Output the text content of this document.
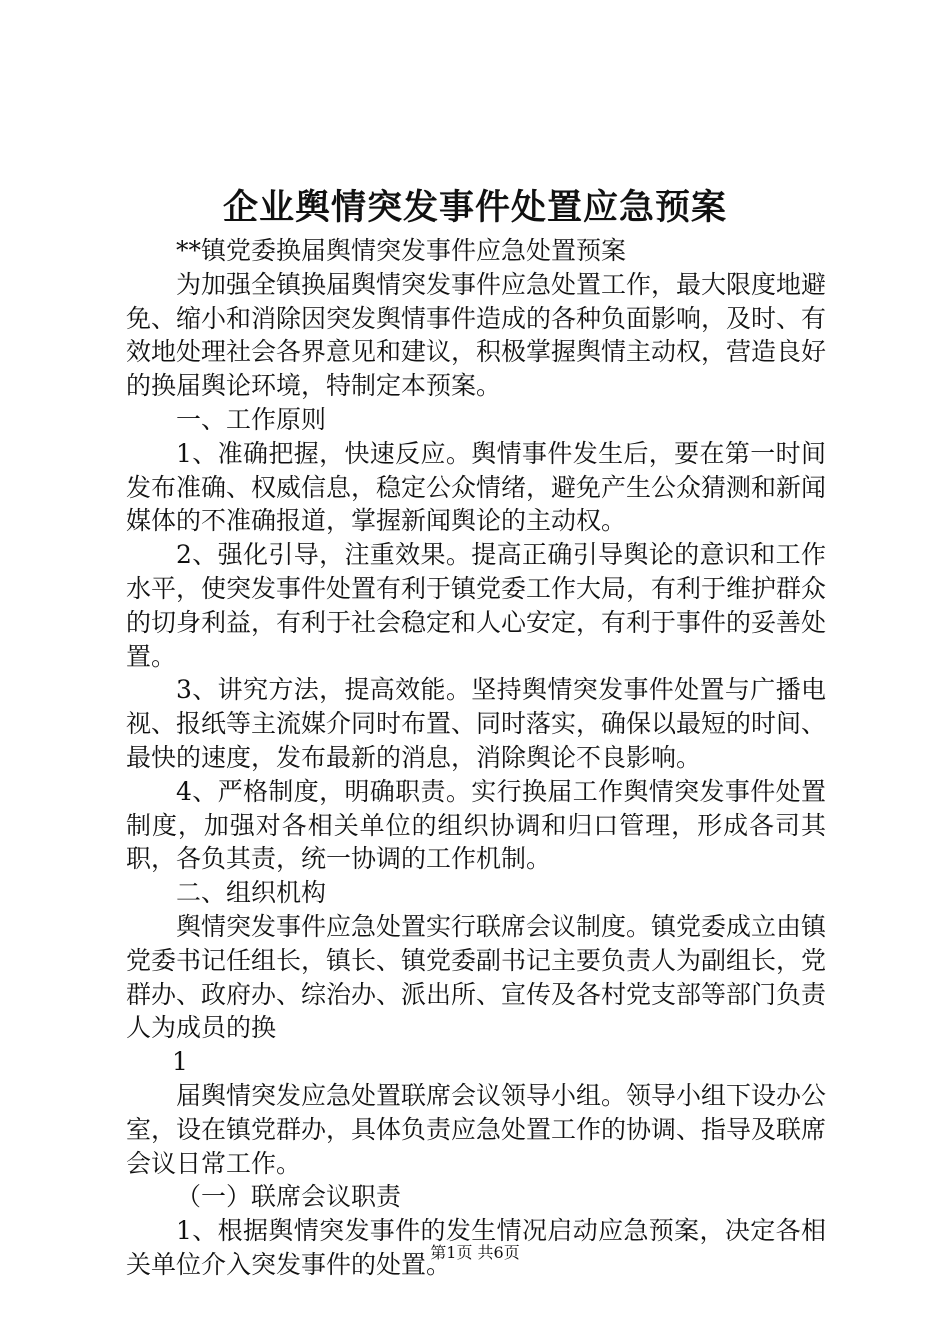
企业舆情突发事件处置应急预案

**镇党委换届舆情突发事件应急处置预案

为加强全镇换届舆情突发事件应急处置工作，最大限度地避免、缩小和消除因突发舆情事件造成的各种负面影响，及时、有效地处理社会各界意见和建议，积极掌握舆情主动权，营造良好的换届舆论环境，特制定本预案。

一、工作原则

1、准确把握，快速反应。舆情事件发生后，要在第一时间发布准确、权威信息，稳定公众情绪，避免产生公众猜测和新闻媒体的不准确报道，掌握新闻舆论的主动权。

2、强化引导，注重效果。提高正确引导舆论的意识和工作水平，使突发事件处置有利于镇党委工作大局，有利于维护群众的切身利益，有利于社会稳定和人心安定，有利于事件的妥善处置。

3、讲究方法，提高效能。坚持舆情突发事件处置与广播电视、报纸等主流媒介同时布置、同时落实，确保以最短的时间、最快的速度，发布最新的消息，消除舆论不良影响。

4、严格制度，明确职责。实行换届工作舆情突发事件处置制度，加强对各相关单位的组织协调和归口管理，形成各司其职，各负其责，统一协调的工作机制。

二、组织机构

舆情突发事件应急处置实行联席会议制度。镇党委成立由镇党委书记任组长，镇长、镇党委副书记主要负责人为副组长，党群办、政府办、综治办、派出所、宣传及各村党支部等部门负责人为成员的换

1

届舆情突发应急处置联席会议领导小组。领导小组下设办公室，设在镇党群办，具体负责应急处置工作的协调、指导及联席会议日常工作。

（一）联席会议职责

1、根据舆情突发事件的发生情况启动应急预案，决定各相关单位介入突发事件的处置。

第1页 共6页
